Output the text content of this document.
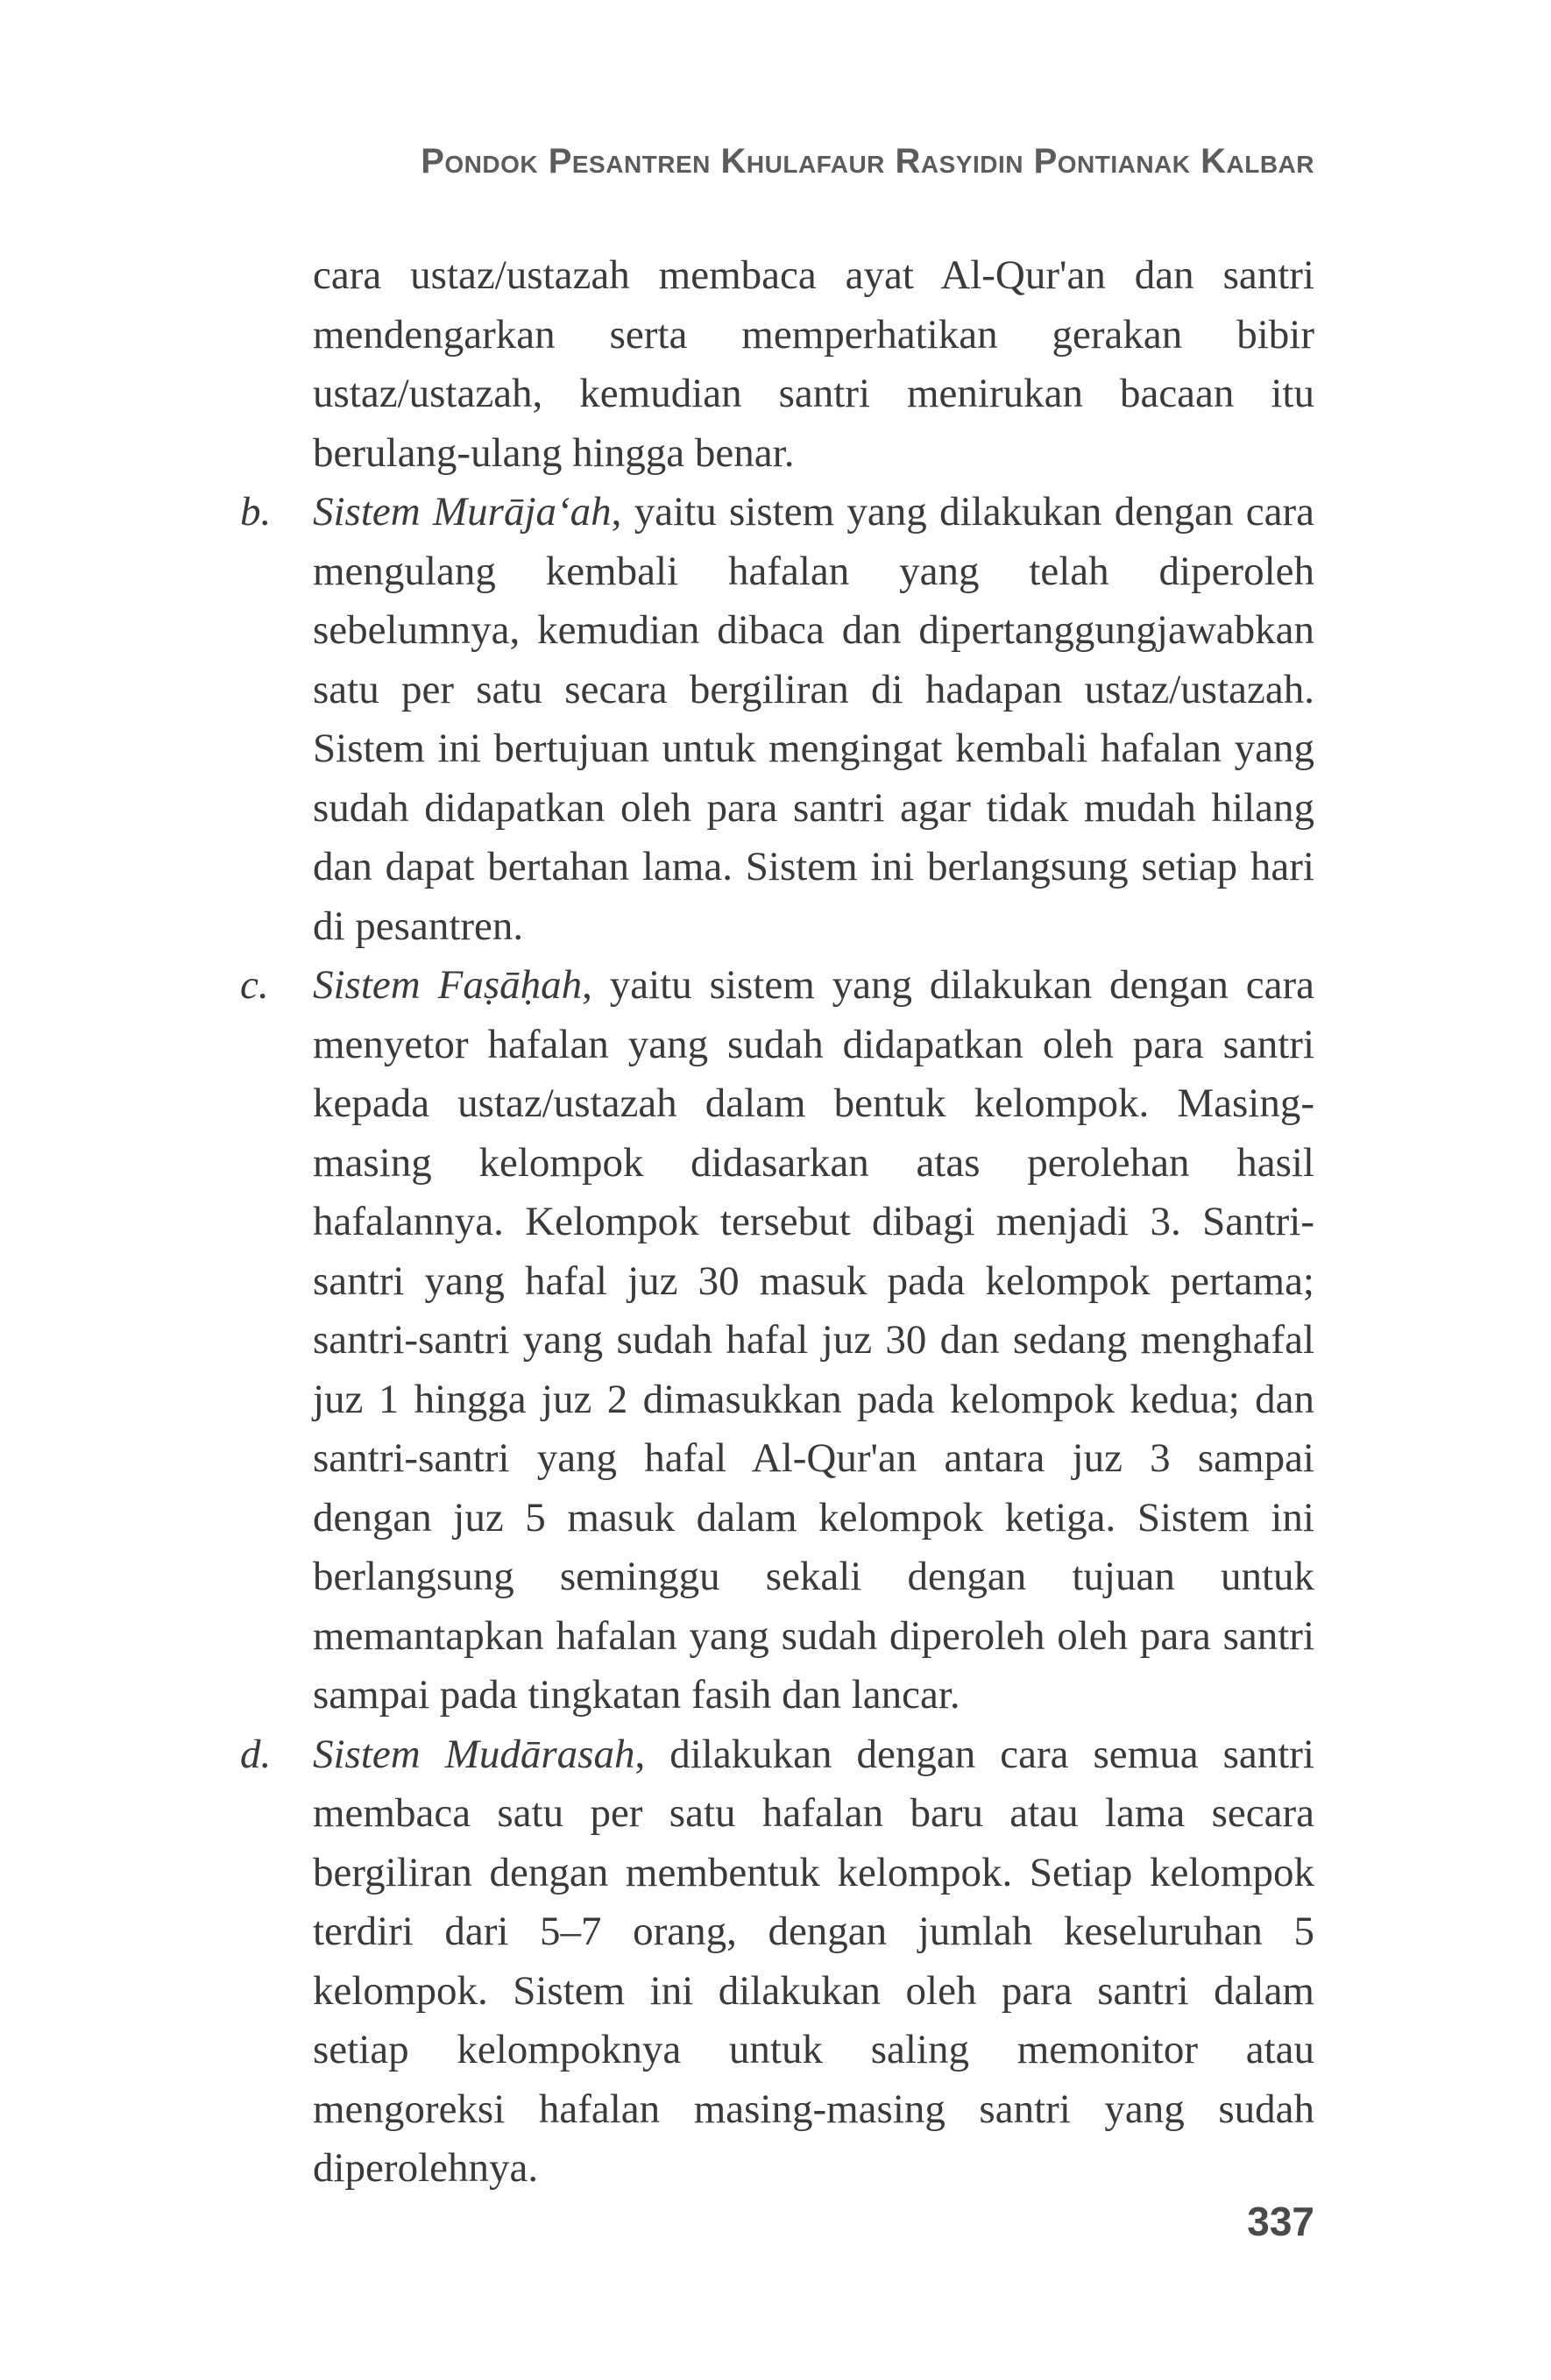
Pondok Pesantren Khulafaur Rasyidin Pontianak Kalbar

cara ustaz/ustazah membaca ayat Al-Qur'an dan santri mendengarkan serta memperhatikan gerakan bibir ustaz/ustazah, kemudian santri menirukan bacaan itu berulang-ulang hingga benar.

b. Sistem Murāja‘ah, yaitu sistem yang dilakukan dengan cara mengulang kembali hafalan yang telah diperoleh sebelumnya, kemudian dibaca dan dipertanggungjawabkan satu per satu secara bergiliran di hadapan ustaz/ustazah. Sistem ini bertujuan untuk mengingat kembali hafalan yang sudah didapatkan oleh para santri agar tidak mudah hilang dan dapat bertahan lama. Sistem ini berlangsung setiap hari di pesantren.

c. Sistem Faṣāḥah, yaitu sistem yang dilakukan dengan cara menyetor hafalan yang sudah didapatkan oleh para santri kepada ustaz/ustazah dalam bentuk kelompok. Masing-masing kelompok didasarkan atas perolehan hasil hafalannya. Kelompok tersebut dibagi menjadi 3. Santri-santri yang hafal juz 30 masuk pada kelompok pertama; santri-santri yang sudah hafal juz 30 dan sedang menghafal juz 1 hingga juz 2 dimasukkan pada kelompok kedua; dan santri-santri yang hafal Al-Qur'an antara juz 3 sampai dengan juz 5 masuk dalam kelompok ketiga. Sistem ini berlangsung seminggu sekali dengan tujuan untuk memantapkan hafalan yang sudah diperoleh oleh para santri sampai pada tingkatan fasih dan lancar.

d. Sistem Mudārasah, dilakukan dengan cara semua santri membaca satu per satu hafalan baru atau lama secara bergiliran dengan membentuk kelompok. Setiap kelompok terdiri dari 5–7 orang, dengan jumlah keseluruhan 5 kelompok. Sistem ini dilakukan oleh para santri dalam setiap kelompoknya untuk saling memonitor atau mengoreksi hafalan masing-masing santri yang sudah diperolehnya.

337
